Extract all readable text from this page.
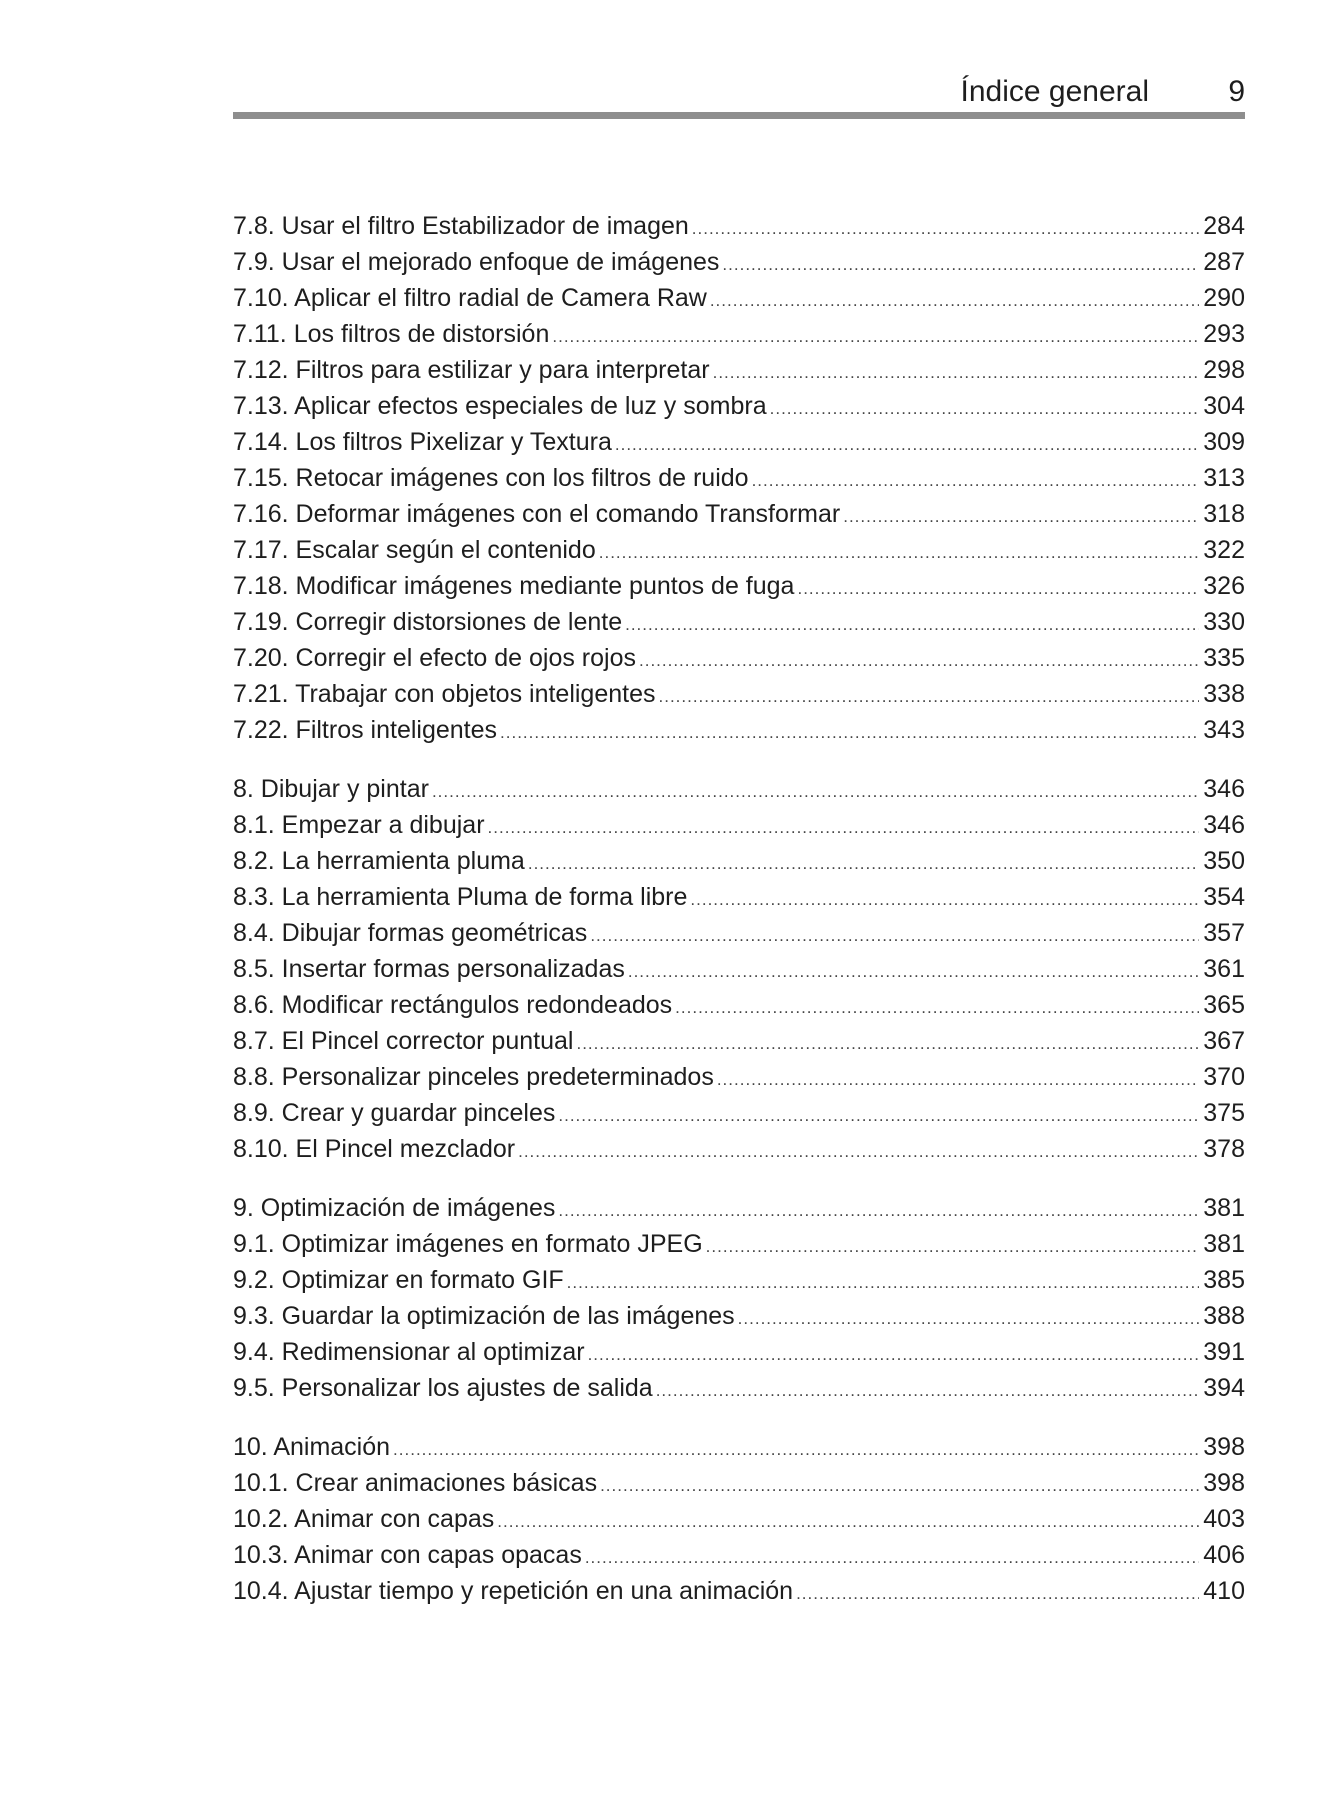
Índice general	9
7.8. Usar el filtro Estabilizador de imagen .....	284
7.9. Usar el mejorado enfoque de imágenes .....	287
7.10. Aplicar el filtro radial de Camera Raw .....	290
7.11. Los filtros de distorsión .....	293
7.12. Filtros para estilizar y para interpretar .....	298
7.13. Aplicar efectos especiales de luz y sombra .....	304
7.14. Los filtros Pixelizar y Textura .....	309
7.15. Retocar imágenes con los filtros de ruido .....	313
7.16. Deformar imágenes con el comando Transformar .....	318
7.17. Escalar según el contenido .....	322
7.18. Modificar imágenes mediante puntos de fuga .....	326
7.19. Corregir distorsiones de lente .....	330
7.20. Corregir el efecto de ojos rojos .....	335
7.21. Trabajar con objetos inteligentes .....	338
7.22. Filtros inteligentes .....	343
8. Dibujar y pintar .....	346
8.1. Empezar a dibujar .....	346
8.2. La herramienta pluma .....	350
8.3. La herramienta Pluma de forma libre .....	354
8.4. Dibujar formas geométricas .....	357
8.5. Insertar formas personalizadas .....	361
8.6. Modificar rectángulos redondeados .....	365
8.7. El Pincel corrector puntual .....	367
8.8. Personalizar pinceles predeterminados .....	370
8.9. Crear y guardar pinceles .....	375
8.10. El Pincel mezclador .....	378
9. Optimización de imágenes .....	381
9.1. Optimizar imágenes en formato JPEG .....	381
9.2. Optimizar en formato GIF .....	385
9.3. Guardar la optimización de las imágenes .....	388
9.4. Redimensionar al optimizar .....	391
9.5. Personalizar los ajustes de salida .....	394
10. Animación .....	398
10.1. Crear animaciones básicas .....	398
10.2. Animar con capas .....	403
10.3. Animar con capas opacas .....	406
10.4. Ajustar tiempo y repetición en una animación .....	410
